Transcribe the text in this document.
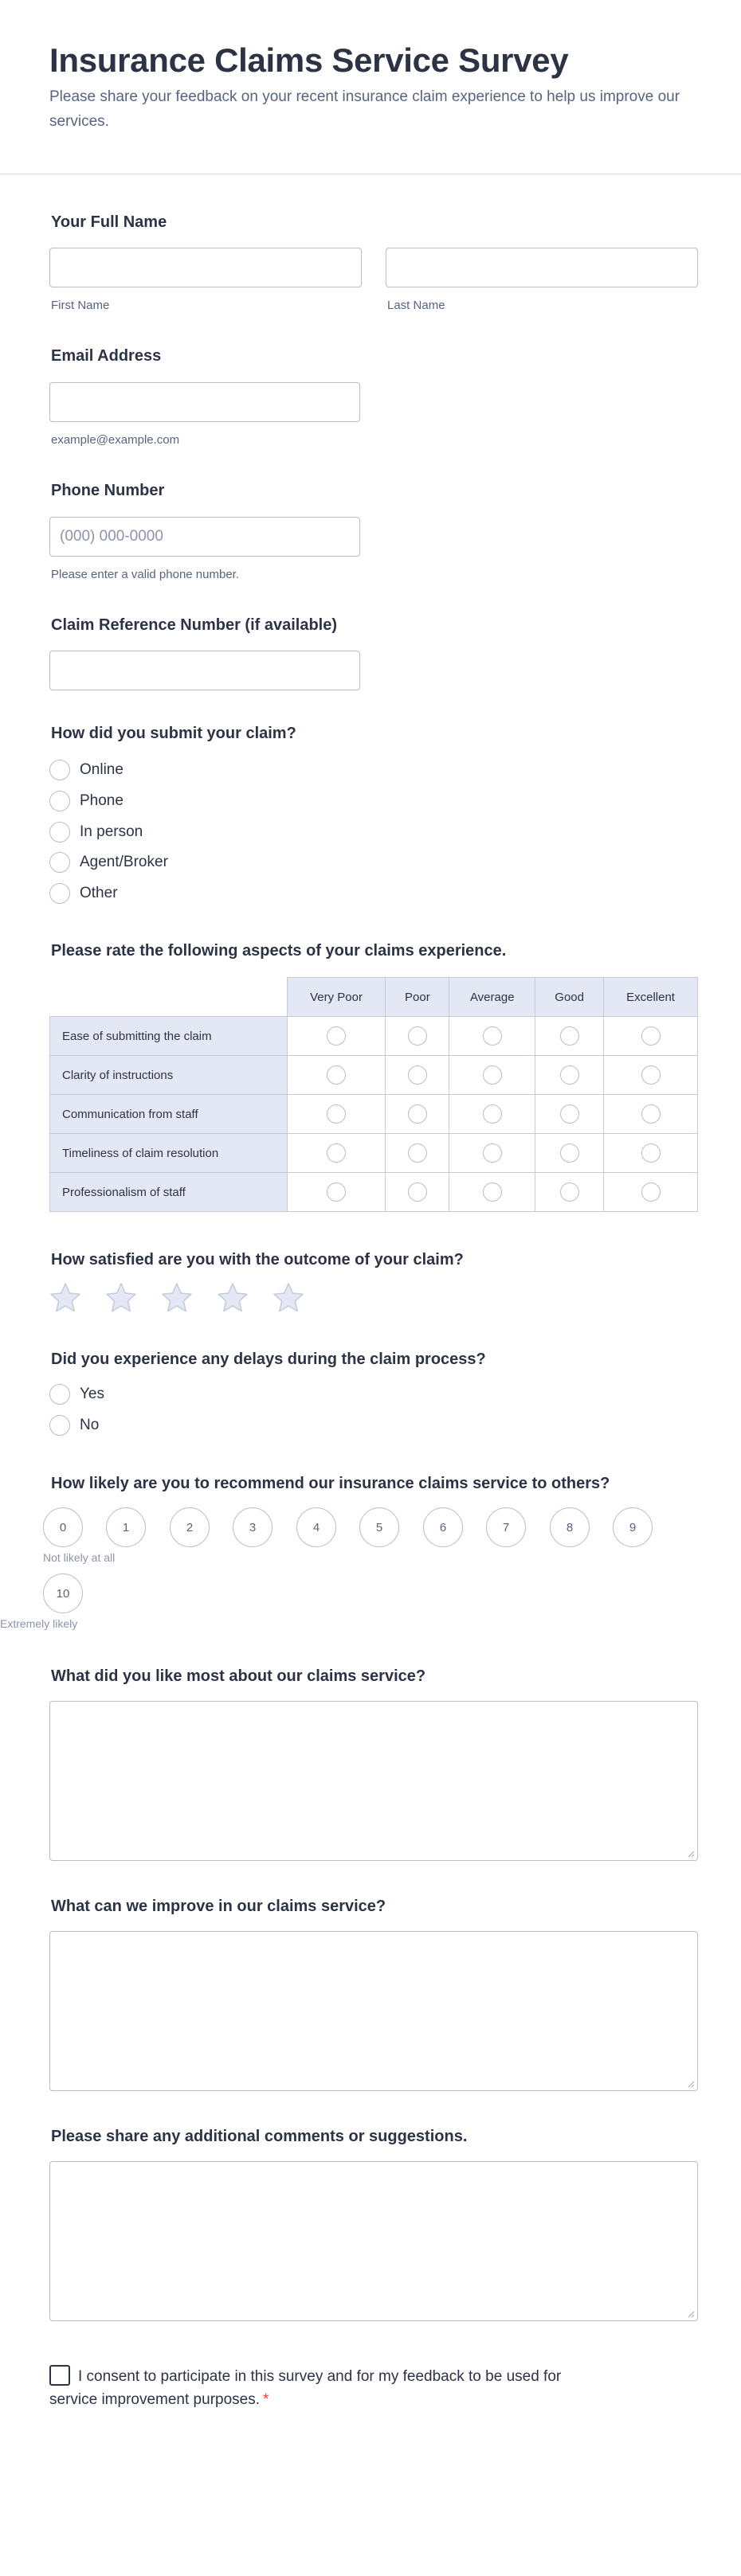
Insurance Claims Service Survey
Please share your feedback on your recent insurance claim experience to help us improve our services.
Your Full Name
First Name	Last Name
Email Address
example@example.com
Phone Number
(000) 000-0000
Please enter a valid phone number.
Claim Reference Number (if available)
How did you submit your claim?
Online
Phone
In person
Agent/Broker
Other
Please rate the following aspects of your claims experience.
	Very Poor	Poor	Average	Good	Excellent
Ease of submitting the claim					
Clarity of instructions					
Communication from staff					
Timeliness of claim resolution					
Professionalism of staff					
How satisfied are you with the outcome of your claim?
Did you experience any delays during the claim process?
Yes
No
How likely are you to recommend our insurance claims service to others?
0	1	2	3	4	5	6	7	8	9
Not likely at all
10
Extremely likely
What did you like most about our claims service?
What can we improve in our claims service?
Please share any additional comments or suggestions.
I consent to participate in this survey and for my feedback to be used for service improvement purposes. *
